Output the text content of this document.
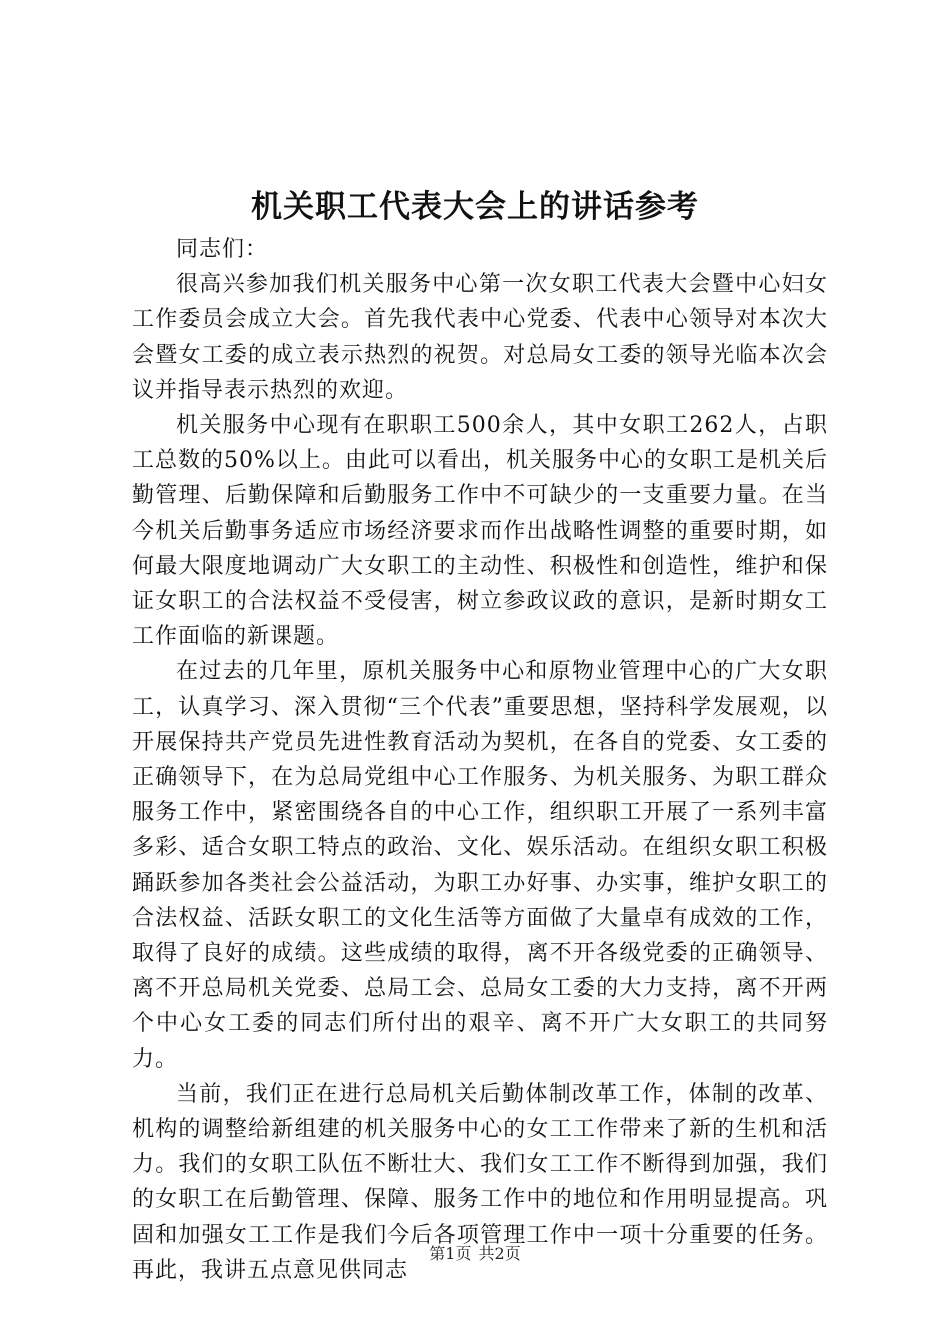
机关职工代表大会上的讲话参考

同志们：

很高兴参加我们机关服务中心第一次女职工代表大会暨中心妇女工作委员会成立大会。首先我代表中心党委、代表中心领导对本次大会暨女工委的成立表示热烈的祝贺。对总局女工委的领导光临本次会议并指导表示热烈的欢迎。

机关服务中心现有在职职工500余人，其中女职工262人，占职工总数的50%以上。由此可以看出，机关服务中心的女职工是机关后勤管理、后勤保障和后勤服务工作中不可缺少的一支重要力量。在当今机关后勤事务适应市场经济要求而作出战略性调整的重要时期，如何最大限度地调动广大女职工的主动性、积极性和创造性，维护和保证女职工的合法权益不受侵害，树立参政议政的意识，是新时期女工工作面临的新课题。

在过去的几年里，原机关服务中心和原物业管理中心的广大女职工，认真学习、深入贯彻“三个代表”重要思想，坚持科学发展观，以开展保持共产党员先进性教育活动为契机，在各自的党委、女工委的正确领导下，在为总局党组中心工作服务、为机关服务、为职工群众服务工作中，紧密围绕各自的中心工作，组织职工开展了一系列丰富多彩、适合女职工特点的政治、文化、娱乐活动。在组织女职工积极踊跃参加各类社会公益活动，为职工办好事、办实事，维护女职工的合法权益、活跃女职工的文化生活等方面做了大量卓有成效的工作，取得了良好的成绩。这些成绩的取得，离不开各级党委的正确领导、离不开总局机关党委、总局工会、总局女工委的大力支持，离不开两个中心女工委的同志们所付出的艰辛、离不开广大女职工的共同努力。

当前，我们正在进行总局机关后勤体制改革工作，体制的改革、机构的调整给新组建的机关服务中心的女工工作带来了新的生机和活力。我们的女职工队伍不断壮大、我们女工工作不断得到加强，我们的女职工在后勤管理、保障、服务工作中的地位和作用明显提高。巩固和加强女工工作是我们今后各项管理工作中一项十分重要的任务。再此，我讲五点意见供同志

第1页 共2页
